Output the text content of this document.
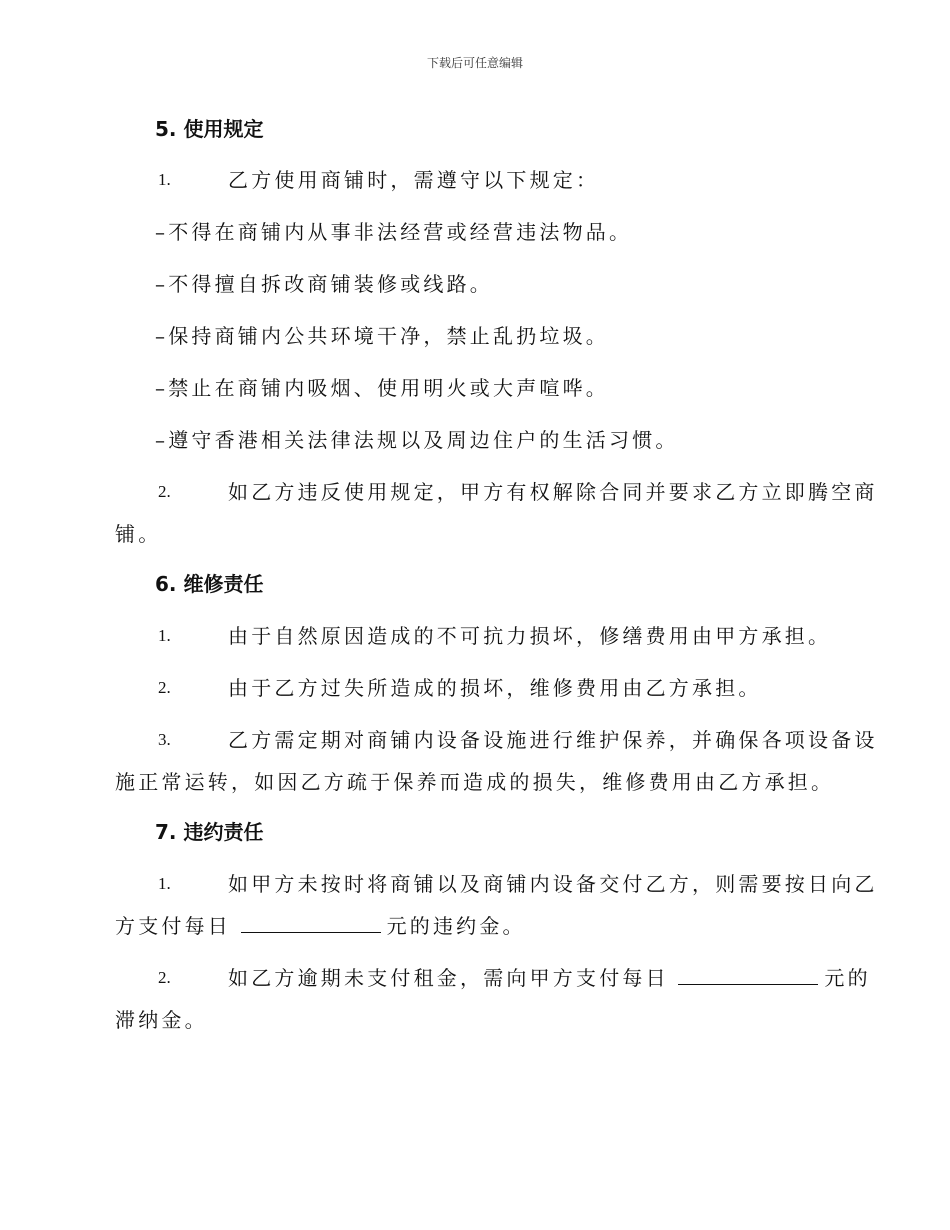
下载后可任意编辑
5. 使用规定
1.	乙方使用商铺时，需遵守以下规定：
–不得在商铺内从事非法经营或经营违法物品。
–不得擅自拆改商铺装修或线路。
–保持商铺内公共环境干净，禁止乱扔垃圾。
–禁止在商铺内吸烟、使用明火或大声喧哗。
–遵守香港相关法律法规以及周边住户的生活习惯。
2.	如乙方违反使用规定，甲方有权解除合同并要求乙方立即腾空商
铺。
6. 维修责任
1.	由于自然原因造成的不可抗力损坏，修缮费用由甲方承担。
2.	由于乙方过失所造成的损坏，维修费用由乙方承担。
3.	乙方需定期对商铺内设备设施进行维护保养，并确保各项设备设
施正常运转，如因乙方疏于保养而造成的损失，维修费用由乙方承担。
7. 违约责任
1.	如甲方未按时将商铺以及商铺内设备交付乙方，则需要按日向乙
方支付每日	元的违约金。
2.	如乙方逾期未支付租金，需向甲方支付每日	元的
滞纳金。
